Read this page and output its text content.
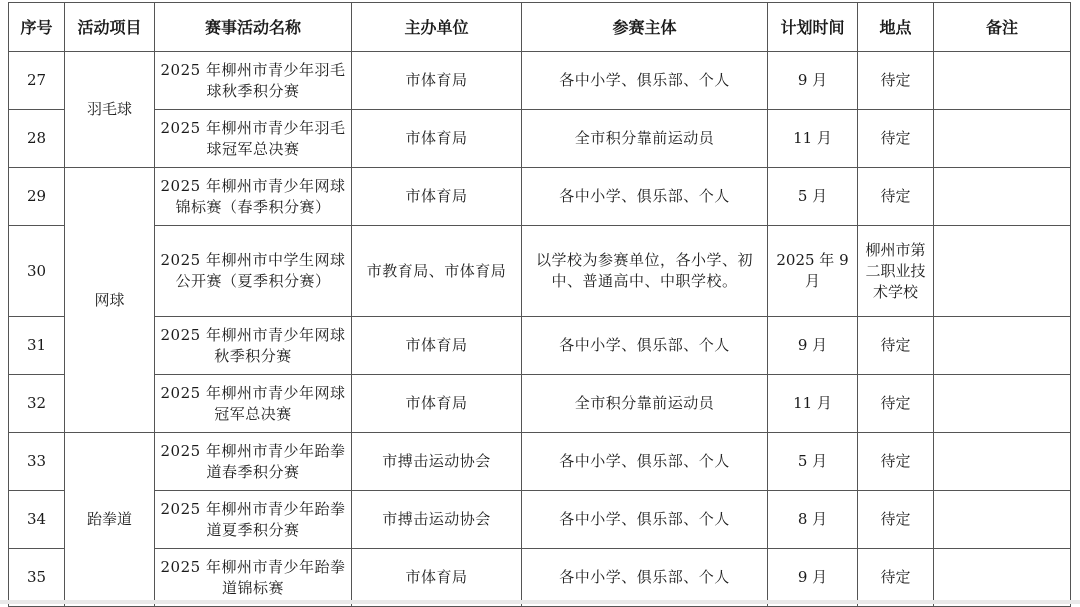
序号	活动项目	赛事活动名称	主办单位	参赛主体	计划时间	地点	备注
27	羽毛球	2025 年柳州市青少年羽毛球秋季积分赛	市体育局	各中小学、俱乐部、个人	9 月	待定	
28		2025 年柳州市青少年羽毛球冠军总决赛	市体育局	全市积分靠前运动员	11 月	待定	
29	网球	2025 年柳州市青少年网球锦标赛（春季积分赛）	市体育局	各中小学、俱乐部、个人	5 月	待定	
30		2025 年柳州市中学生网球公开赛（夏季积分赛）	市教育局、市体育局	以学校为参赛单位，各小学、初中、普通高中、中职学校。	2025 年 9 月	柳州市第二职业技术学校	
31		2025 年柳州市青少年网球秋季积分赛	市体育局	各中小学、俱乐部、个人	9 月	待定	
32		2025 年柳州市青少年网球冠军总决赛	市体育局	全市积分靠前运动员	11 月	待定	
33	跆拳道	2025 年柳州市青少年跆拳道春季积分赛	市搏击运动协会	各中小学、俱乐部、个人	5 月	待定	
34		2025 年柳州市青少年跆拳道夏季积分赛	市搏击运动协会	各中小学、俱乐部、个人	8 月	待定	
35		2025 年柳州市青少年跆拳道锦标赛	市体育局	各中小学、俱乐部、个人	9 月	待定	
